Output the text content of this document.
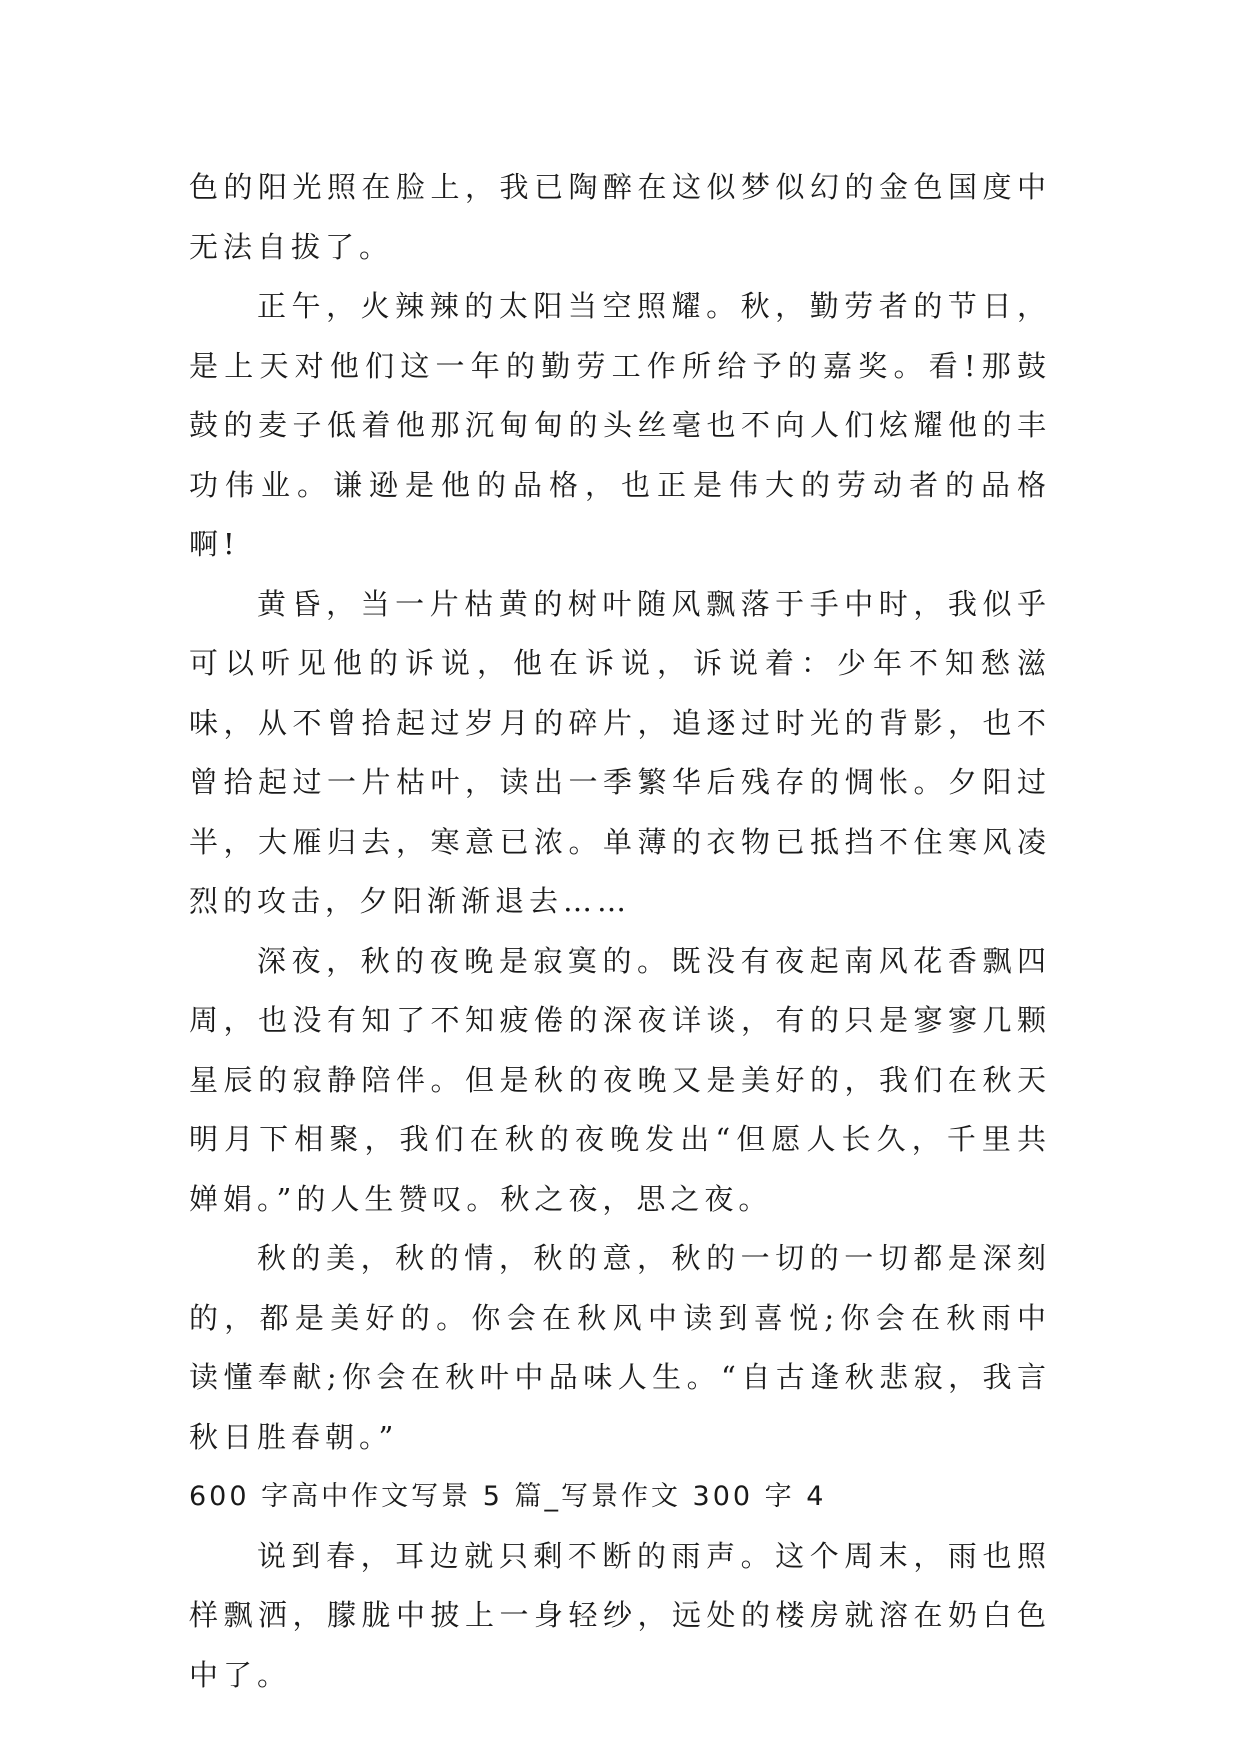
色的阳光照在脸上，我已陶醉在这似梦似幻的金色国度中无法自拔了。

正午，火辣辣的太阳当空照耀。秋，勤劳者的节日，是上天对他们这一年的勤劳工作所给予的嘉奖。看!那鼓鼓的麦子低着他那沉甸甸的头丝毫也不向人们炫耀他的丰功伟业。谦逊是他的品格，也正是伟大的劳动者的品格啊!

黄昏，当一片枯黄的树叶随风飘落于手中时，我似乎可以听见他的诉说，他在诉说，诉说着：少年不知愁滋味，从不曾拾起过岁月的碎片，追逐过时光的背影，也不曾拾起过一片枯叶，读出一季繁华后残存的惆怅。夕阳过半，大雁归去，寒意已浓。单薄的衣物已抵挡不住寒风凌烈的攻击，夕阳渐渐退去……

深夜，秋的夜晚是寂寞的。既没有夜起南风花香飘四周，也没有知了不知疲倦的深夜详谈，有的只是寥寥几颗星辰的寂静陪伴。但是秋的夜晚又是美好的，我们在秋天明月下相聚，我们在秋的夜晚发出“但愿人长久，千里共婵娟。”的人生赞叹。秋之夜，思之夜。

秋的美，秋的情，秋的意，秋的一切的一切都是深刻的，都是美好的。你会在秋风中读到喜悦;你会在秋雨中读懂奉献;你会在秋叶中品味人生。“自古逢秋悲寂，我言秋日胜春朝。”

600 字高中作文写景 5 篇_写景作文 300 字 4

说到春，耳边就只剩不断的雨声。这个周末，雨也照样飘洒，朦胧中披上一身轻纱，远处的楼房就溶在奶白色中了。
